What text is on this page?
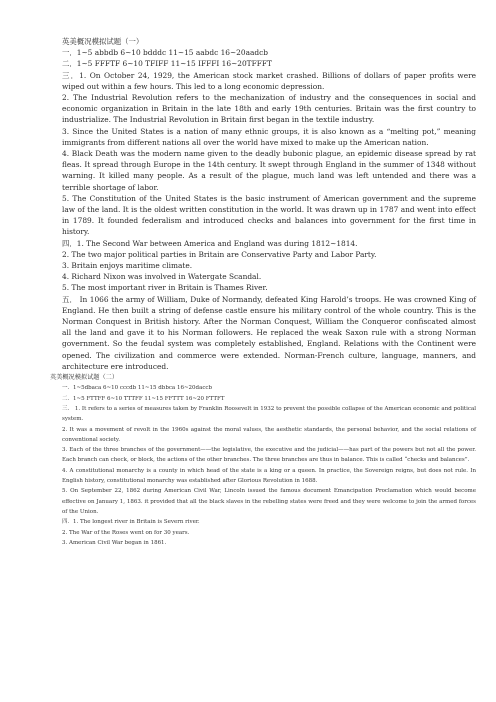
英美概况模拟试题（一）
一．1~5 abbdb 6~10 bdddc 11~15 aabdc 16~20aadcb
二．1~5 FFFTF 6~10 TFIFF 11~15 IFFFI 16~20TFFFT
三．1. On October 24, 1929, the American stock market crashed. Billions of dollars of paper profits were wiped out within a few hours. This led to a long economic depression.
2. The Industrial Revolution refers to the mechanization of industry and the consequences in social and economic organization in Britain in the late 18th and early 19th centuries. Britain was the first country to industrialize. The Industrial Revolution in Britain first began in the textile industry.
3. Since the United States is a nation of many ethnic groups, it is also known as a “melting pot,” meaning immigrants from different nations all over the world have mixed to make up the American nation.
4. Black Death was the modern name given to the deadly bubonic plague, an epidemic disease spread by rat fleas. It spread through Europe in the 14th century. It swept through England in the summer of 1348 without warning. It killed many people. As a result of the plague, much land was left untended and there was a terrible shortage of labor.
5. The Constitution of the United States is the basic instrument of American government and the supreme law of the land. It is the oldest written constitution in the world. It was drawn up in 1787 and went into effect in 1789. It founded federalism and introduced checks and balances into government for the first time in history.
四．1. The Second War between America and England was during 1812~1814.
2. The two major political parties in Britain are Conservative Party and Labor Party.
3. Britain enjoys maritime climate.
4. Richard Nixon was involved in Watergate Scandal.
5. The most important river in Britain is Thames River.
五． In 1066 the army of William, Duke of Normandy, defeated King Harold’s troops. He was crowned King of England. He then built a string of defense castle ensure his military control of the whole country. This is the Norman Conquest in British history. After the Norman Conquest, William the Conqueror confiscated almost all the land and gave it to his Norman followers. He replaced the weak Saxon rule with a strong Norman government. So the feudal system was completely established, England. Relations with the Continent were opened. The civilization and commerce were extended. Norman-French culture, language, manners, and architecture ere introduced.
英美概况模拟试题（二）
一．1~5dbaca 6~10 cccdb 11~15 dbbca 16~20daccb
二．1~5 FTTFF 6~10 TTTFF 11~15 FFTTT 16~20 FTTFT
三． 1. It refers to a series of measures taken by Franklin Roosevelt in 1932 to prevent the possible collapse of the American economic and political system.
2. It was a movement of revolt in the 1960s against the moral values, the aesthetic standards, the personal behavior, and the social relations of conventional society.
3. Each of the three branches of the government——the legislative, the executive and the judicial——has part of the powers but not all the power. Each branch can check, or block, the actions of the other branches. The three branches are thus in balance. This is called “checks and balances”.
4. A constitutional monarchy is a county in which head of the state is a king or a queen. In practice, the Sovereign reigns, but does not rule. In English history, constitutional monarchy was established after Glorious Revolution in 1688.
5. On September 22, 1862 during American Civil War, Lincoln issued the famous document Emancipation Proclamation which would become effective on January 1, 1863. it provided that all the black slaves in the rebelling states were freed and they were welcome to join the armed forces of the Union.
四．1. The longest river in Britain is Severn river.
2. The War of the Roses went on for 30 years.
3. American Civil War began in 1861.
